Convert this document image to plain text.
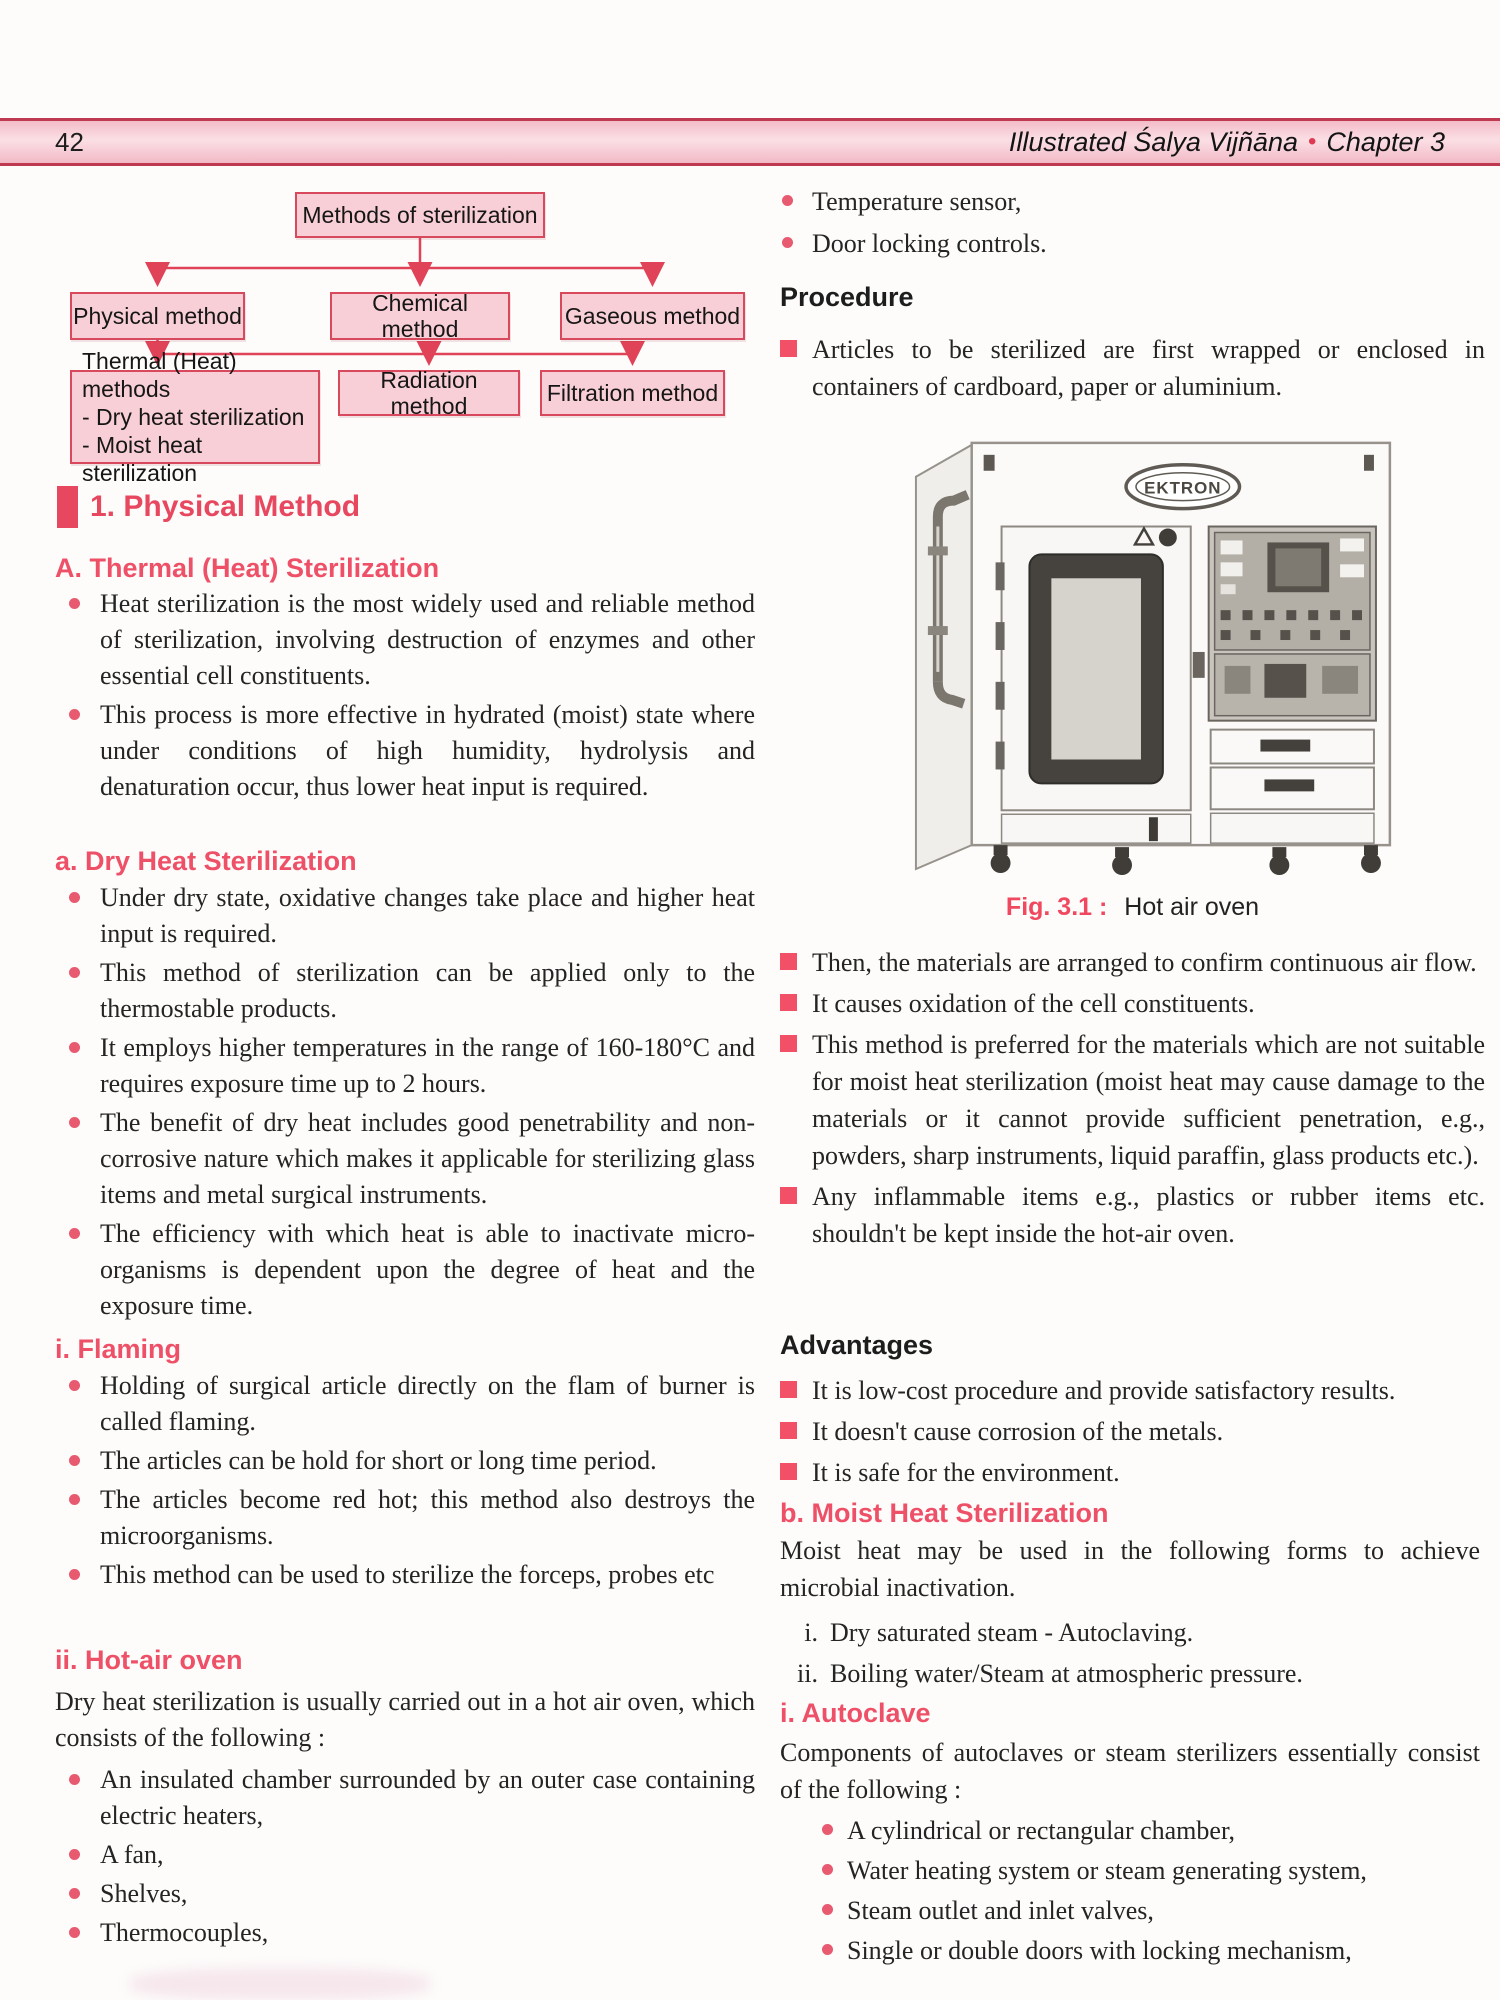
42	Illustrated Śalya Vijñāna • Chapter 3
Methods of sterilization
Physical method
Chemical method
Gaseous method
Thermal (Heat) methods
- Dry heat sterilization
- Moist heat sterilization
Radiation method
Filtration method
1. Physical Method
A. Thermal (Heat) Sterilization
Heat sterilization is the most widely used and reliable method of sterilization, involving destruction of enzymes and other essential cell constituents.
This process is more effective in hydrated (moist) state where under conditions of high humidity, hydrolysis and denaturation occur, thus lower heat input is required.
a. Dry Heat Sterilization
Under dry state, oxidative changes take place and higher heat input is required.
This method of sterilization can be applied only to the thermostable products.
It employs higher temperatures in the range of 160-180°C and requires exposure time up to 2 hours.
The benefit of dry heat includes good penetrability and non-corrosive nature which makes it applicable for sterilizing glass items and metal surgical instruments.
The efficiency with which heat is able to inactivate micro-organisms is dependent upon the degree of heat and the exposure time.
i. Flaming
Holding of surgical article directly on the flam of burner is called flaming.
The articles can be hold for short or long time period.
The articles become red hot; this method also destroys the microorganisms.
This method can be used to sterilize the forceps, probes etc
ii. Hot-air oven
Dry heat sterilization is usually carried out in a hot air oven, which consists of the following :
An insulated chamber surrounded by an outer case containing electric heaters,
A fan,
Shelves,
Thermocouples,
Temperature sensor,
Door locking controls.
Procedure
Articles to be sterilized are first wrapped or enclosed in containers of cardboard, paper or aluminium.
EKTRON
Fig. 3.1 : Hot air oven
Then, the materials are arranged to confirm continuous air flow.
It causes oxidation of the cell constituents.
This method is preferred for the materials which are not suitable for moist heat sterilization (moist heat may cause damage to the materials or it cannot provide sufficient penetration, e.g., powders, sharp instruments, liquid paraffin, glass products etc.).
Any inflammable items e.g., plastics or rubber items etc. shouldn't be kept inside the hot-air oven.
Advantages
It is low-cost procedure and provide satisfactory results.
It doesn't cause corrosion of the metals.
It is safe for the environment.
b. Moist Heat Sterilization
Moist heat may be used in the following forms to achieve microbial inactivation.
i. Dry saturated steam - Autoclaving.
ii. Boiling water/Steam at atmospheric pressure.
i. Autoclave
Components of autoclaves or steam sterilizers essentially consist of the following :
A cylindrical or rectangular chamber,
Water heating system or steam generating system,
Steam outlet and inlet valves,
Single or double doors with locking mechanism,
